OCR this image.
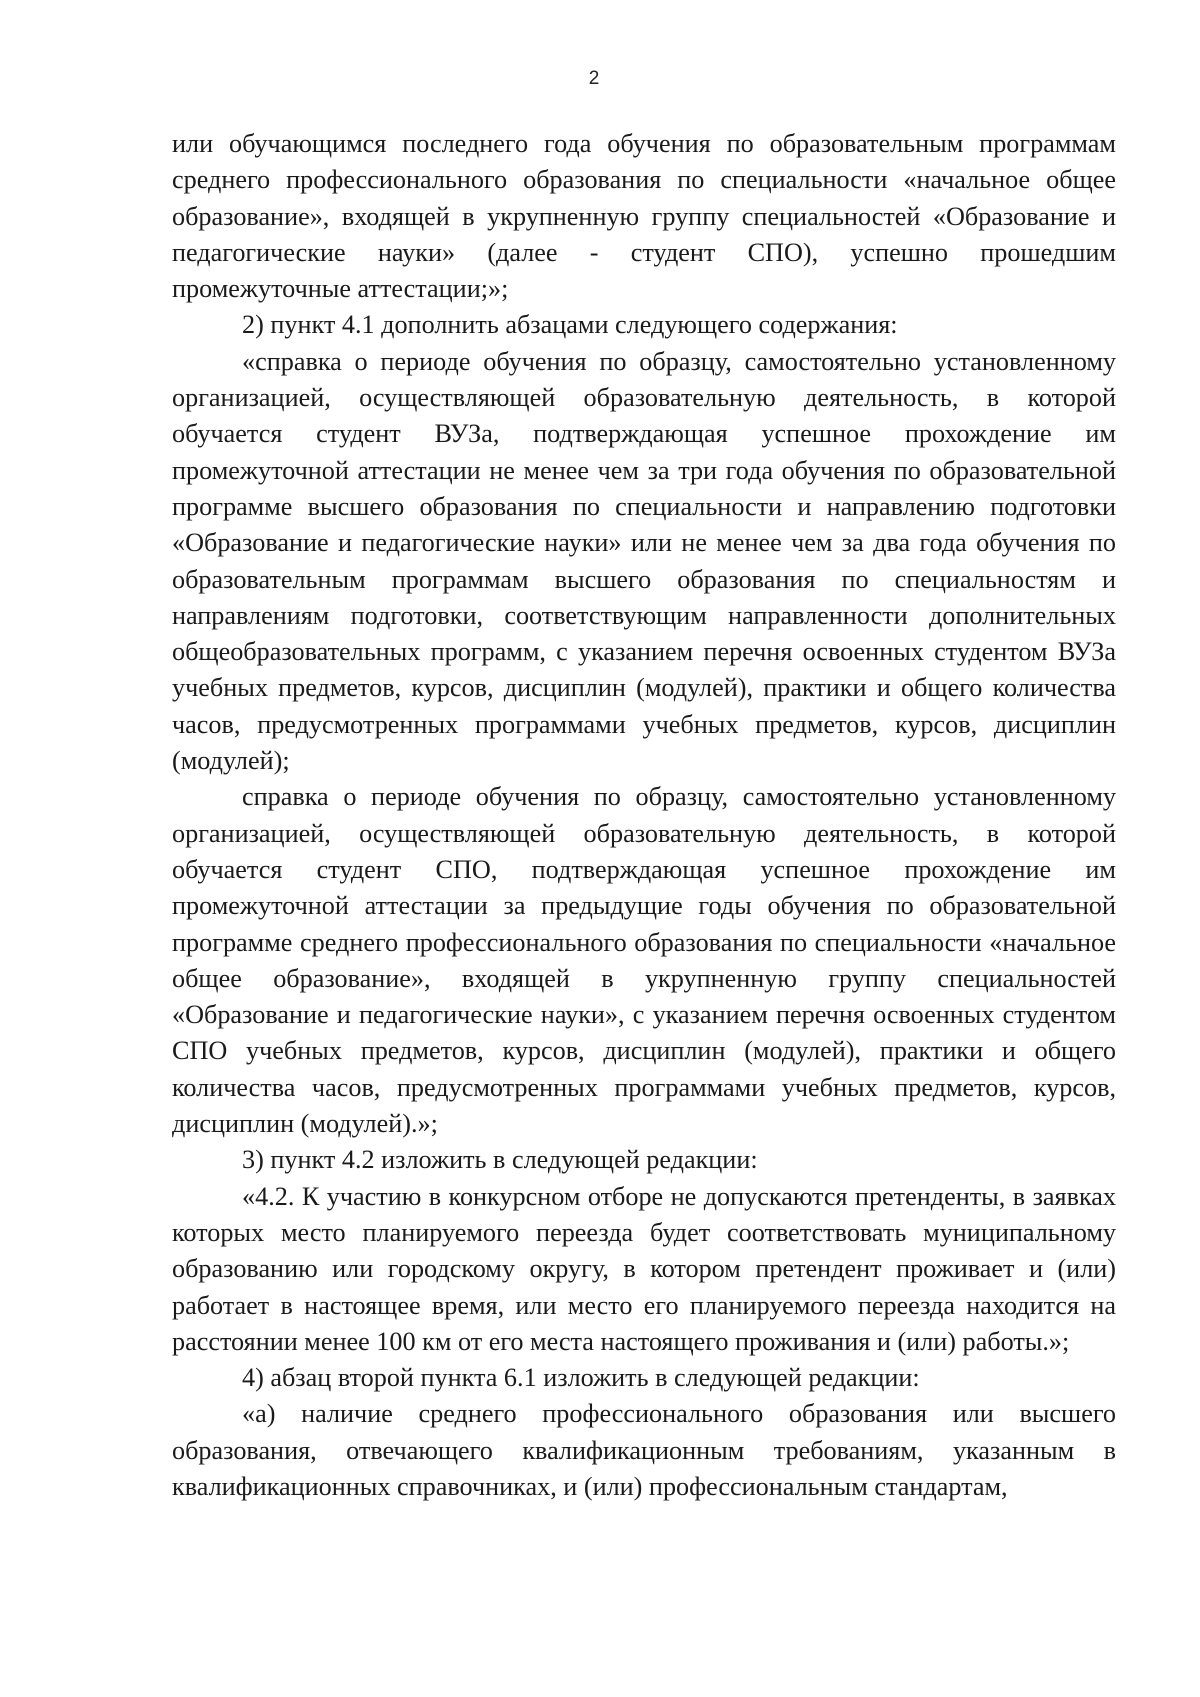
2

или обучающимся последнего года обучения по образовательным программам среднего профессионального образования по специальности «начальное общее образование», входящей в укрупненную группу специальностей «Образование и педагогические науки» (далее - студент СПО), успешно прошедшим промежуточные аттестации;»;

2) пункт 4.1 дополнить абзацами следующего содержания:

«справка о периоде обучения по образцу, самостоятельно установленному организацией, осуществляющей образовательную деятельность, в которой обучается студент ВУЗа, подтверждающая успешное прохождение им промежуточной аттестации не менее чем за три года обучения по образовательной программе высшего образования по специальности и направлению подготовки «Образование и педагогические науки» или не менее чем за два года обучения по образовательным программам высшего образования по специальностям и направлениям подготовки, соответствующим направленности дополнительных общеобразовательных программ, с указанием перечня освоенных студентом ВУЗа учебных предметов, курсов, дисциплин (модулей), практики и общего количества часов, предусмотренных программами учебных предметов, курсов, дисциплин (модулей);

справка о периоде обучения по образцу, самостоятельно установленному организацией, осуществляющей образовательную деятельность, в которой обучается студент СПО, подтверждающая успешное прохождение им промежуточной аттестации за предыдущие годы обучения по образовательной программе среднего профессионального образования по специальности «начальное общее образование», входящей в укрупненную группу специальностей «Образование и педагогические науки», с указанием перечня освоенных студентом СПО учебных предметов, курсов, дисциплин (модулей), практики и общего количества часов, предусмотренных программами учебных предметов, курсов, дисциплин (модулей).»;

3) пункт 4.2 изложить в следующей редакции:

«4.2. К участию в конкурсном отборе не допускаются претенденты, в заявках которых место планируемого переезда будет соответствовать муниципальному образованию или городскому округу, в котором претендент проживает и (или) работает в настоящее время, или место его планируемого переезда находится на расстоянии менее 100 км от его места настоящего проживания и (или) работы.»;

4) абзац второй пункта 6.1 изложить в следующей редакции:

«а) наличие среднего профессионального образования или высшего образования, отвечающего квалификационным требованиям, указанным в квалификационных справочниках, и (или) профессиональным стандартам,
